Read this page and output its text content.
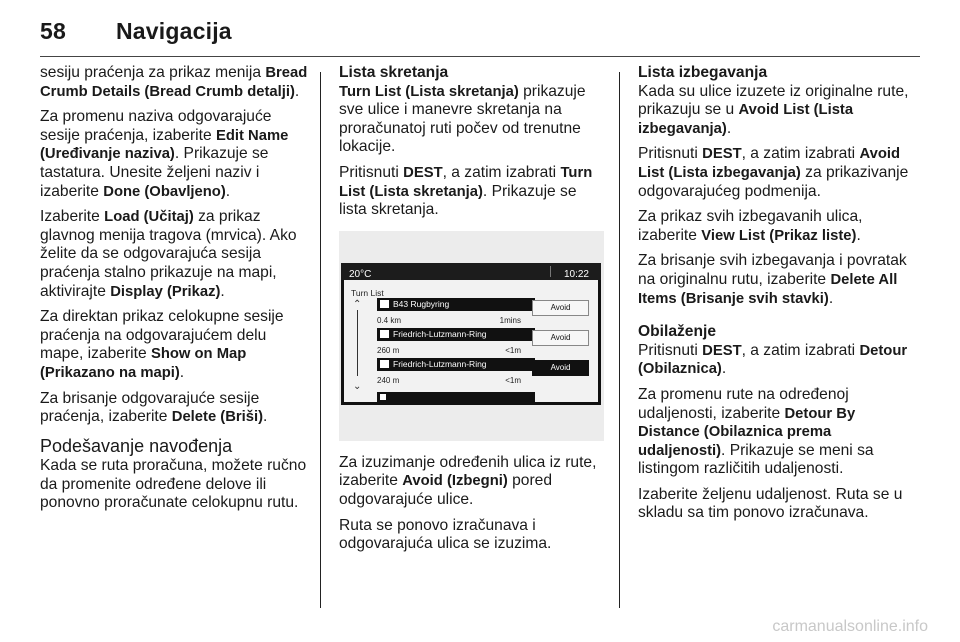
58 Navigacija

sesiju praćenja za prikaz menija Bread Crumb Details (Bread Crumb detalji).

Za promenu naziva odgovarajuće sesije praćenja, izaberite Edit Name (Uređivanje naziva). Prikazuje se tastatura. Unesite željeni naziv i izaberite Done (Obavljeno).

Izaberite Load (Učitaj) za prikaz glavnog menija tragova (mrvica). Ako želite da se odgovarajuća sesija praćenja stalno prikazuje na mapi, aktivirajte Display (Prikaz).

Za direktan prikaz celokupne sesije praćenja na odgovarajućem delu mape, izaberite Show on Map (Prikazano na mapi).

Za brisanje odgovarajuće sesije praćenja, izaberite Delete (Briši).

Podešavanje navođenja

Kada se ruta proračuna, možete ručno da promenite određene delove ili ponovno proračunate celokupnu rutu.

Lista skretanja

Turn List (Lista skretanja) prikazuje sve ulice i manevre skretanja na proračunatoj ruti počev od trenutne lokacije.

Pritisnuti DEST, a zatim izabrati Turn List (Lista skretanja). Prikazuje se lista skretanja.

20°C	10:22
Turn List
⌃
⌄
B43 Rugbyring
0.4 km	1mins
Avoid
Friedrich-Lutzmann-Ring
260 m	<1m
Avoid
Friedrich-Lutzmann-Ring
240 m	<1m
Avoid

Za izuzimanje određenih ulica iz rute, izaberite Avoid (Izbegni) pored odgovarajuće ulice.

Ruta se ponovo izračunava i odgovarajuća ulica se izuzima.

Lista izbegavanja

Kada su ulice izuzete iz originalne rute, prikazuju se u Avoid List (Lista izbegavanja).

Pritisnuti DEST, a zatim izabrati Avoid List (Lista izbegavanja) za prikazivanje odgovarajućeg podmenija.

Za prikaz svih izbegavanih ulica, izaberite View List (Prikaz liste).

Za brisanje svih izbegavanja i povratak na originalnu rutu, izaberite Delete All Items (Brisanje svih stavki).

Obilaženje

Pritisnuti DEST, a zatim izabrati Detour (Obilaznica).

Za promenu rute na određenoj udaljenosti, izaberite Detour By Distance (Obilaznica prema udaljenosti). Prikazuje se meni sa listingom različitih udaljenosti.

Izaberite željenu udaljenost. Ruta se u skladu sa tim ponovo izračunava.

carmanualsonline.info
